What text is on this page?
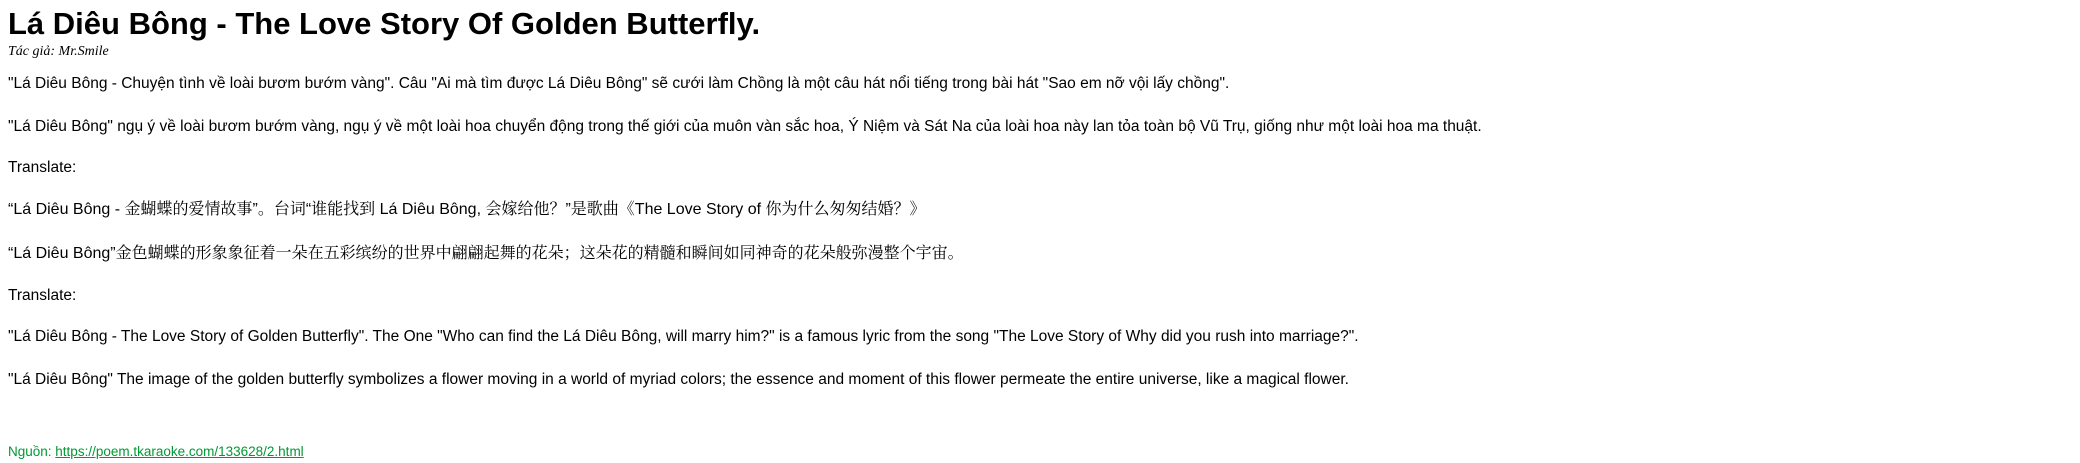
Lá Diêu Bông - The Love Story Of Golden Butterfly.
Tác giả: Mr.Smile

"Lá Diêu Bông - Chuyện tình về loài bươm bướm vàng". Câu "Ai mà tìm được Lá Diêu Bông" sẽ cưới làm Chồng là một câu hát nổi tiếng trong bài hát "Sao em nỡ vội lấy chồng".

"Lá Diêu Bông" ngụ ý về loài bươm bướm vàng, ngụ ý về một loài hoa chuyển động trong thế giới của muôn vàn sắc hoa, Ý Niệm và Sát Na của loài hoa này lan tỏa toàn bộ Vũ Trụ, giống như một loài hoa ma thuật.

Translate:

“Lá Diêu Bông - 金蝴蝶的爱情故事”。台词“谁能找到 Lá Diêu Bông, 会嫁给他？”是歌曲《The Love Story of 你为什么匆匆结婚？》

“Lá Diêu Bông”金色蝴蝶的形象象征着一朵在五彩缤纷的世界中翩翩起舞的花朵；这朵花的精髓和瞬间如同神奇的花朵般弥漫整个宇宙。

Translate:

"Lá Diêu Bông - The Love Story of Golden Butterfly". The One "Who can find the Lá Diêu Bông, will marry him?" is a famous lyric from the song "The Love Story of Why did you rush into marriage?".

"Lá Diêu Bông" The image of the golden butterfly symbolizes a flower moving in a world of myriad colors; the essence and moment of this flower permeate the entire universe, like a magical flower.

Nguồn: https://poem.tkaraoke.com/133628/2.html
